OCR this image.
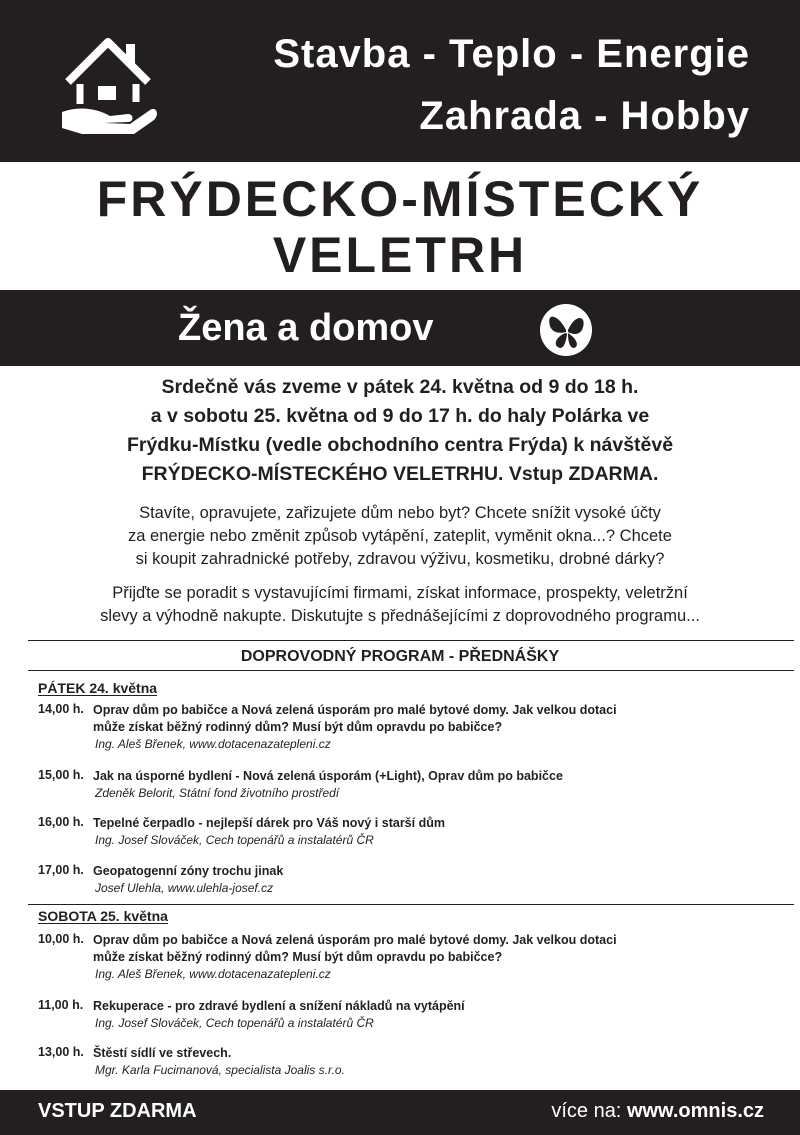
Stavba - Teplo - Energie
Zahrada - Hobby
FRÝDECKO-MÍSTECKÝ
VELETRH
Žena a domov
Srdečně vás zveme v pátek 24. května od 9 do 18 h.
a v sobotu 25. května od 9 do 17 h. do haly Polárka ve
Frýdku-Místku (vedle obchodního centra Frýda) k návštěvě
FRÝDECKO-MÍSTECKÉHO VELETRHU. Vstup ZDARMA.
Stavíte, opravujete, zařizujete dům nebo byt? Chcete snížit vysoké účty
za energie nebo změnit způsob vytápění, zateplit, vyměnit okna...? Chcete
si koupit zahradnické potřeby, zdravou výživu, kosmetiku, drobné dárky?
Přijďte se poradit s vystavujícími firmami, získat informace, prospekty, veletržní
slevy a výhodně nakupte. Diskutujte s přednášejícími z doprovodného programu...
DOPROVODNÝ PROGRAM - PŘEDNÁŠKY
PÁTEK 24. května
14,00 h. Oprav dům po babičce a Nová zelená úsporám pro malé bytové domy. Jak velkou dotaci
může získat běžný rodinný dům? Musí být dům opravdu po babičce?
Ing. Aleš Břenek, www.dotacenazatepleni.cz
15,00 h. Jak na úsporné bydlení - Nová zelená úsporám (+Light), Oprav dům po babičce
Zdeněk Belorit, Státní fond životního prostředí
16,00 h. Tepelné čerpadlo - nejlepší dárek pro Váš nový i starší dům
Ing. Josef Slováček, Cech topenářů a instalatérů ČR
17,00 h. Geopatogenní zóny trochu jinak
Josef Ulehla, www.ulehla-josef.cz
SOBOTA 25. května
10,00 h. Oprav dům po babičce a Nová zelená úsporám pro malé bytové domy. Jak velkou dotaci
může získat běžný rodinný dům? Musí být dům opravdu po babičce?
Ing. Aleš Břenek, www.dotacenazatepleni.cz
11,00 h. Rekuperace - pro zdravé bydlení a snížení nákladů na vytápění
Ing. Josef Slováček, Cech topenářů a instalatérů ČR
13,00 h. Štěstí sídlí ve střevech.
Mgr. Karla Fucimanová, specialista Joalis s.r.o.
VSTUP ZDARMA	více na: www.omnis.cz
